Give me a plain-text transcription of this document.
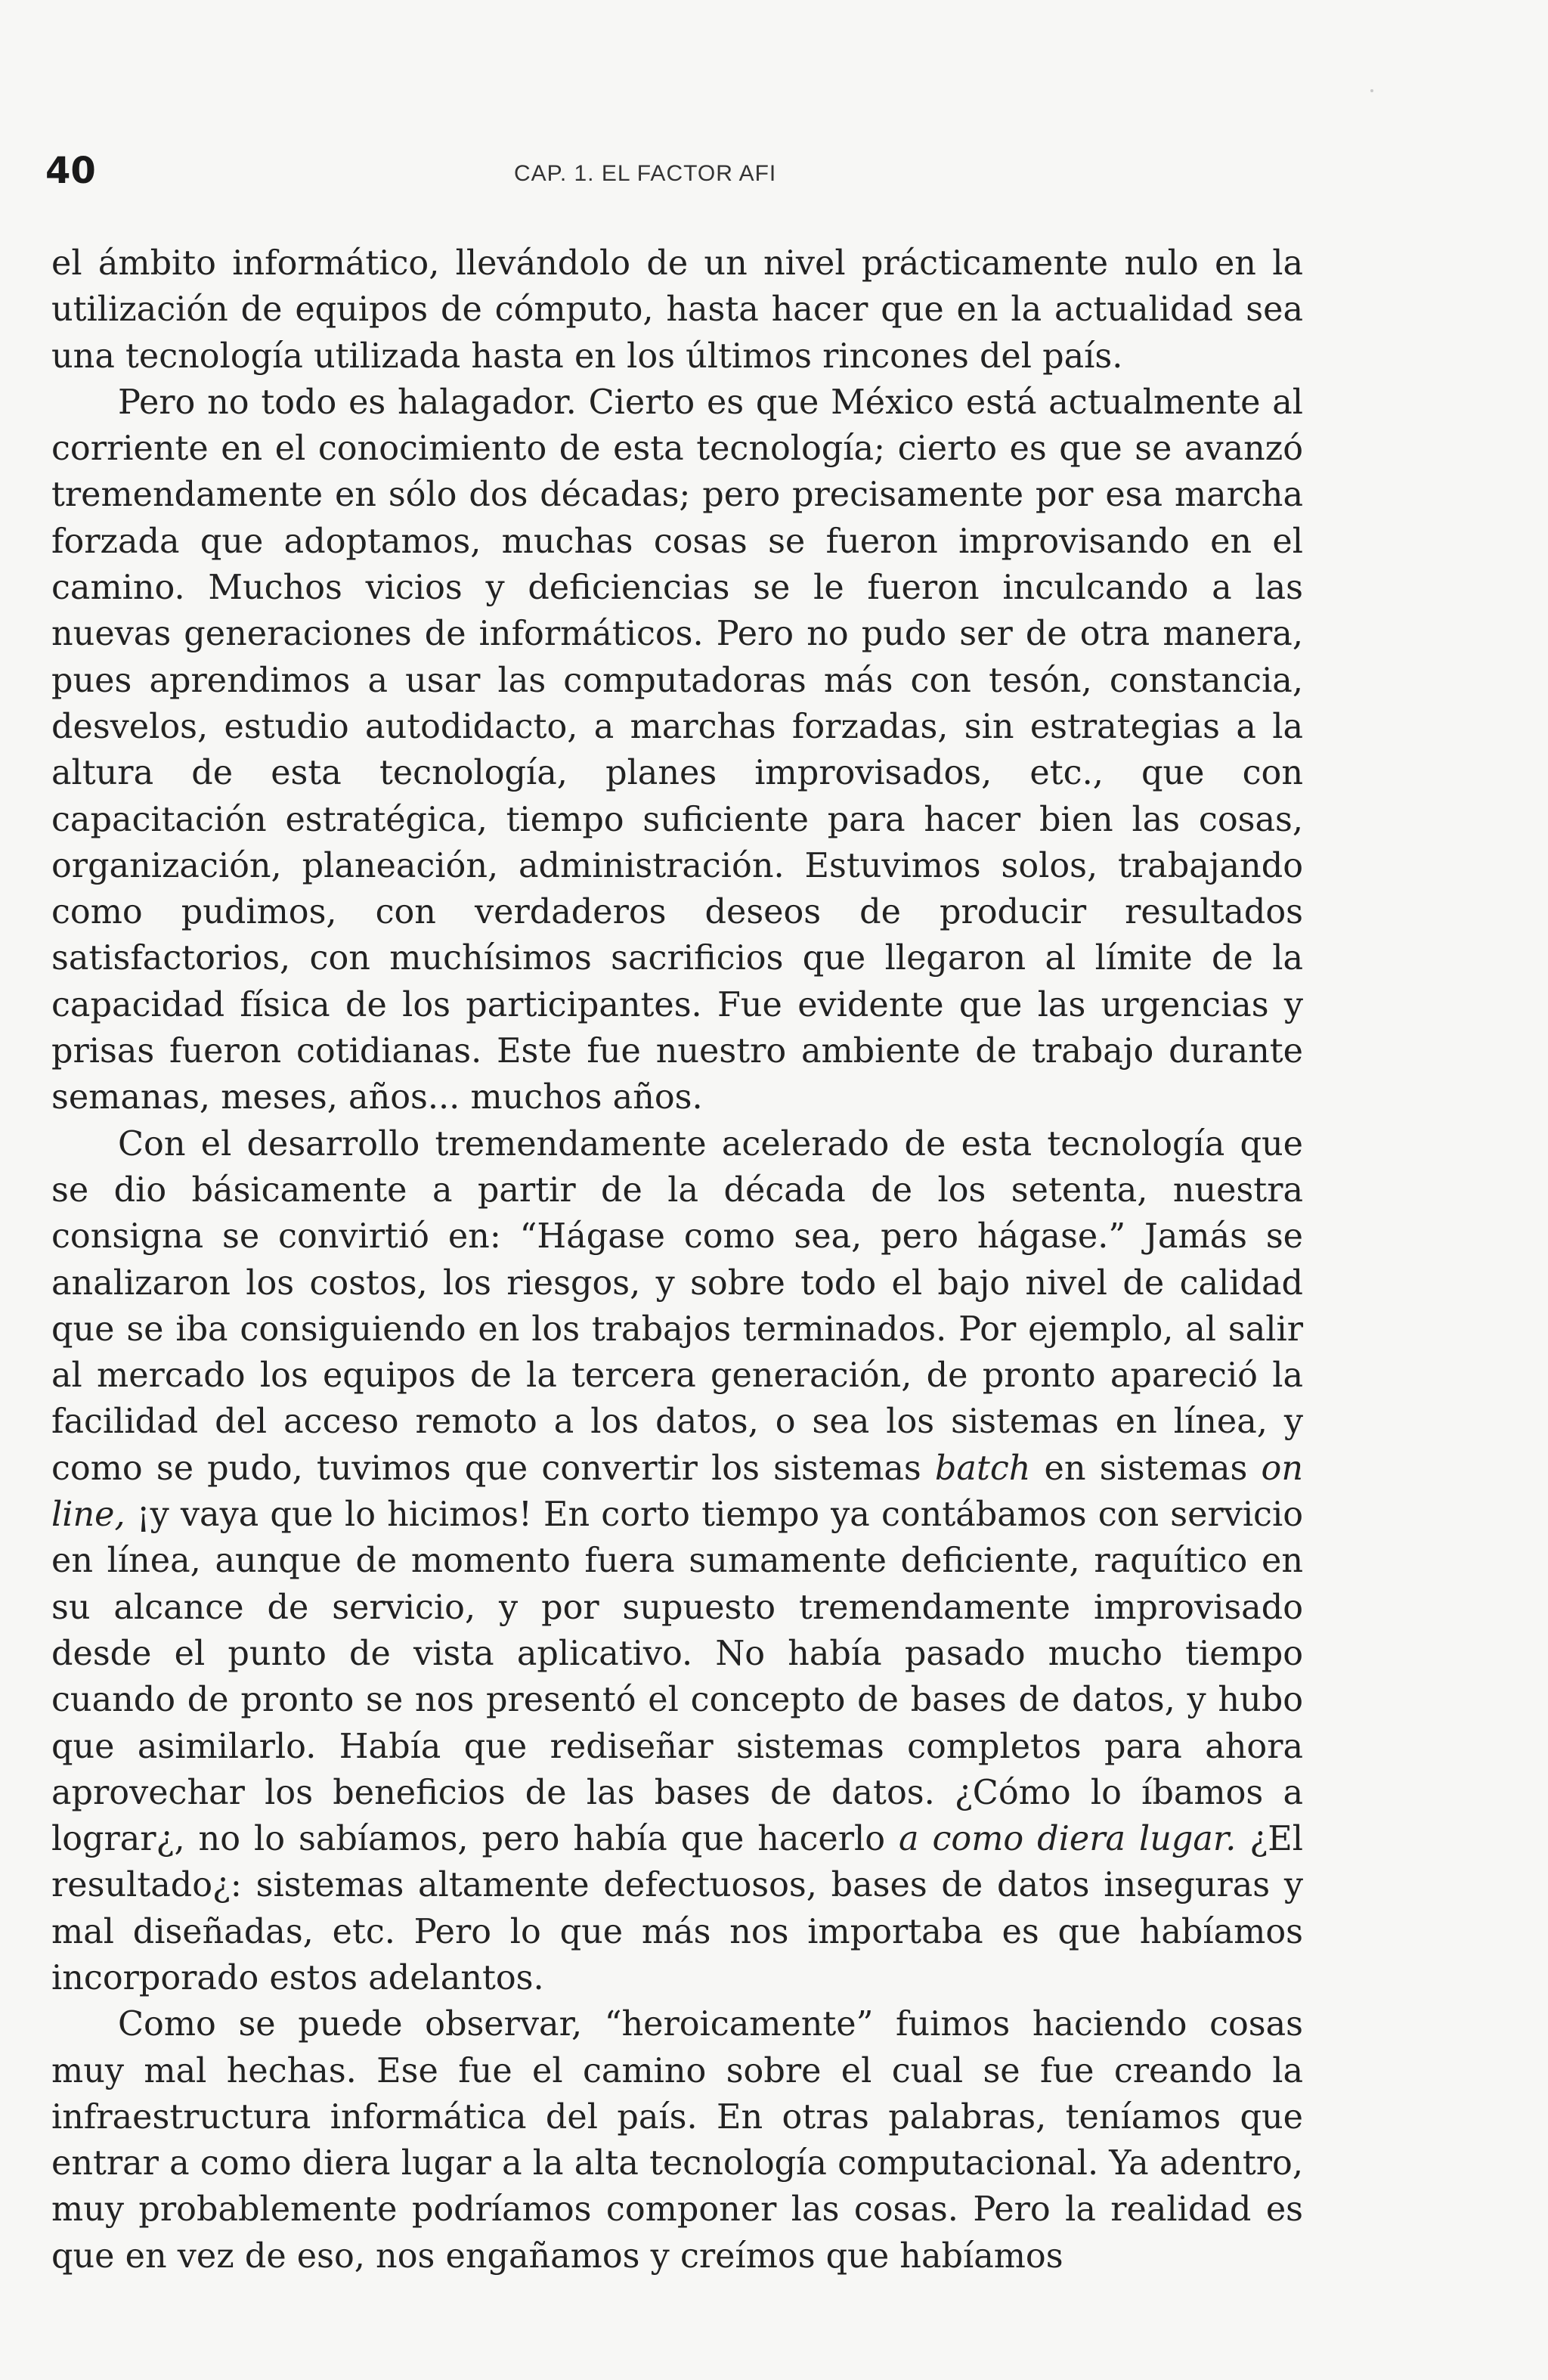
40	CAP. 1. EL FACTOR AFI

el ámbito informático, llevándolo de un nivel prácticamente nulo en la utilización de equipos de cómputo, hasta hacer que en la actualidad sea una tecnología utilizada hasta en los últimos rincones del país.

Pero no todo es halagador. Cierto es que México está actualmente al corriente en el conocimiento de esta tecnología; cierto es que se avanzó tremendamente en sólo dos décadas; pero precisamente por esa marcha forzada que adoptamos, muchas cosas se fueron improvisando en el camino. Muchos vicios y deficiencias se le fueron inculcando a las nuevas generaciones de informáticos. Pero no pudo ser de otra manera, pues aprendimos a usar las computadoras más con tesón, constancia, desvelos, estudio autodidacto, a marchas forzadas, sin estrategias a la altura de esta tecnología, planes improvisados, etc., que con capacitación estratégica, tiempo suficiente para hacer bien las cosas, organización, planeación, administración. Estuvimos solos, trabajando como pudimos, con verdaderos deseos de producir resultados satisfactorios, con muchísimos sacrificios que llegaron al límite de la capacidad física de los participantes. Fue evidente que las urgencias y prisas fueron cotidianas. Este fue nuestro ambiente de trabajo durante semanas, meses, años... muchos años.

Con el desarrollo tremendamente acelerado de esta tecnología que se dio básicamente a partir de la década de los setenta, nuestra consigna se convirtió en: “Hágase como sea, pero hágase.” Jamás se analizaron los costos, los riesgos, y sobre todo el bajo nivel de calidad que se iba consiguiendo en los trabajos terminados. Por ejemplo, al salir al mercado los equipos de la tercera generación, de pronto apareció la facilidad del acceso remoto a los datos, o sea los sistemas en línea, y como se pudo, tuvimos que convertir los sistemas batch en sistemas on line, ¡y vaya que lo hicimos! En corto tiempo ya contábamos con servicio en línea, aunque de momento fuera sumamente deficiente, raquítico en su alcance de servicio, y por supuesto tremendamente improvisado desde el punto de vista aplicativo. No había pasado mucho tiempo cuando de pronto se nos presentó el concepto de bases de datos, y hubo que asimilarlo. Había que rediseñar sistemas completos para ahora aprovechar los beneficios de las bases de datos. ¿Cómo lo íbamos a lograr¿, no lo sabíamos, pero había que hacerlo a como diera lugar. ¿El resultado¿: sistemas altamente defectuosos, bases de datos inseguras y mal diseñadas, etc. Pero lo que más nos importaba es que habíamos incorporado estos adelantos.

Como se puede observar, “heroicamente” fuimos haciendo cosas muy mal hechas. Ese fue el camino sobre el cual se fue creando la infraestructura informática del país. En otras palabras, teníamos que entrar a como diera lugar a la alta tecnología computacional. Ya adentro, muy probablemente podríamos componer las cosas. Pero la realidad es que en vez de eso, nos engañamos y creímos que habíamos
